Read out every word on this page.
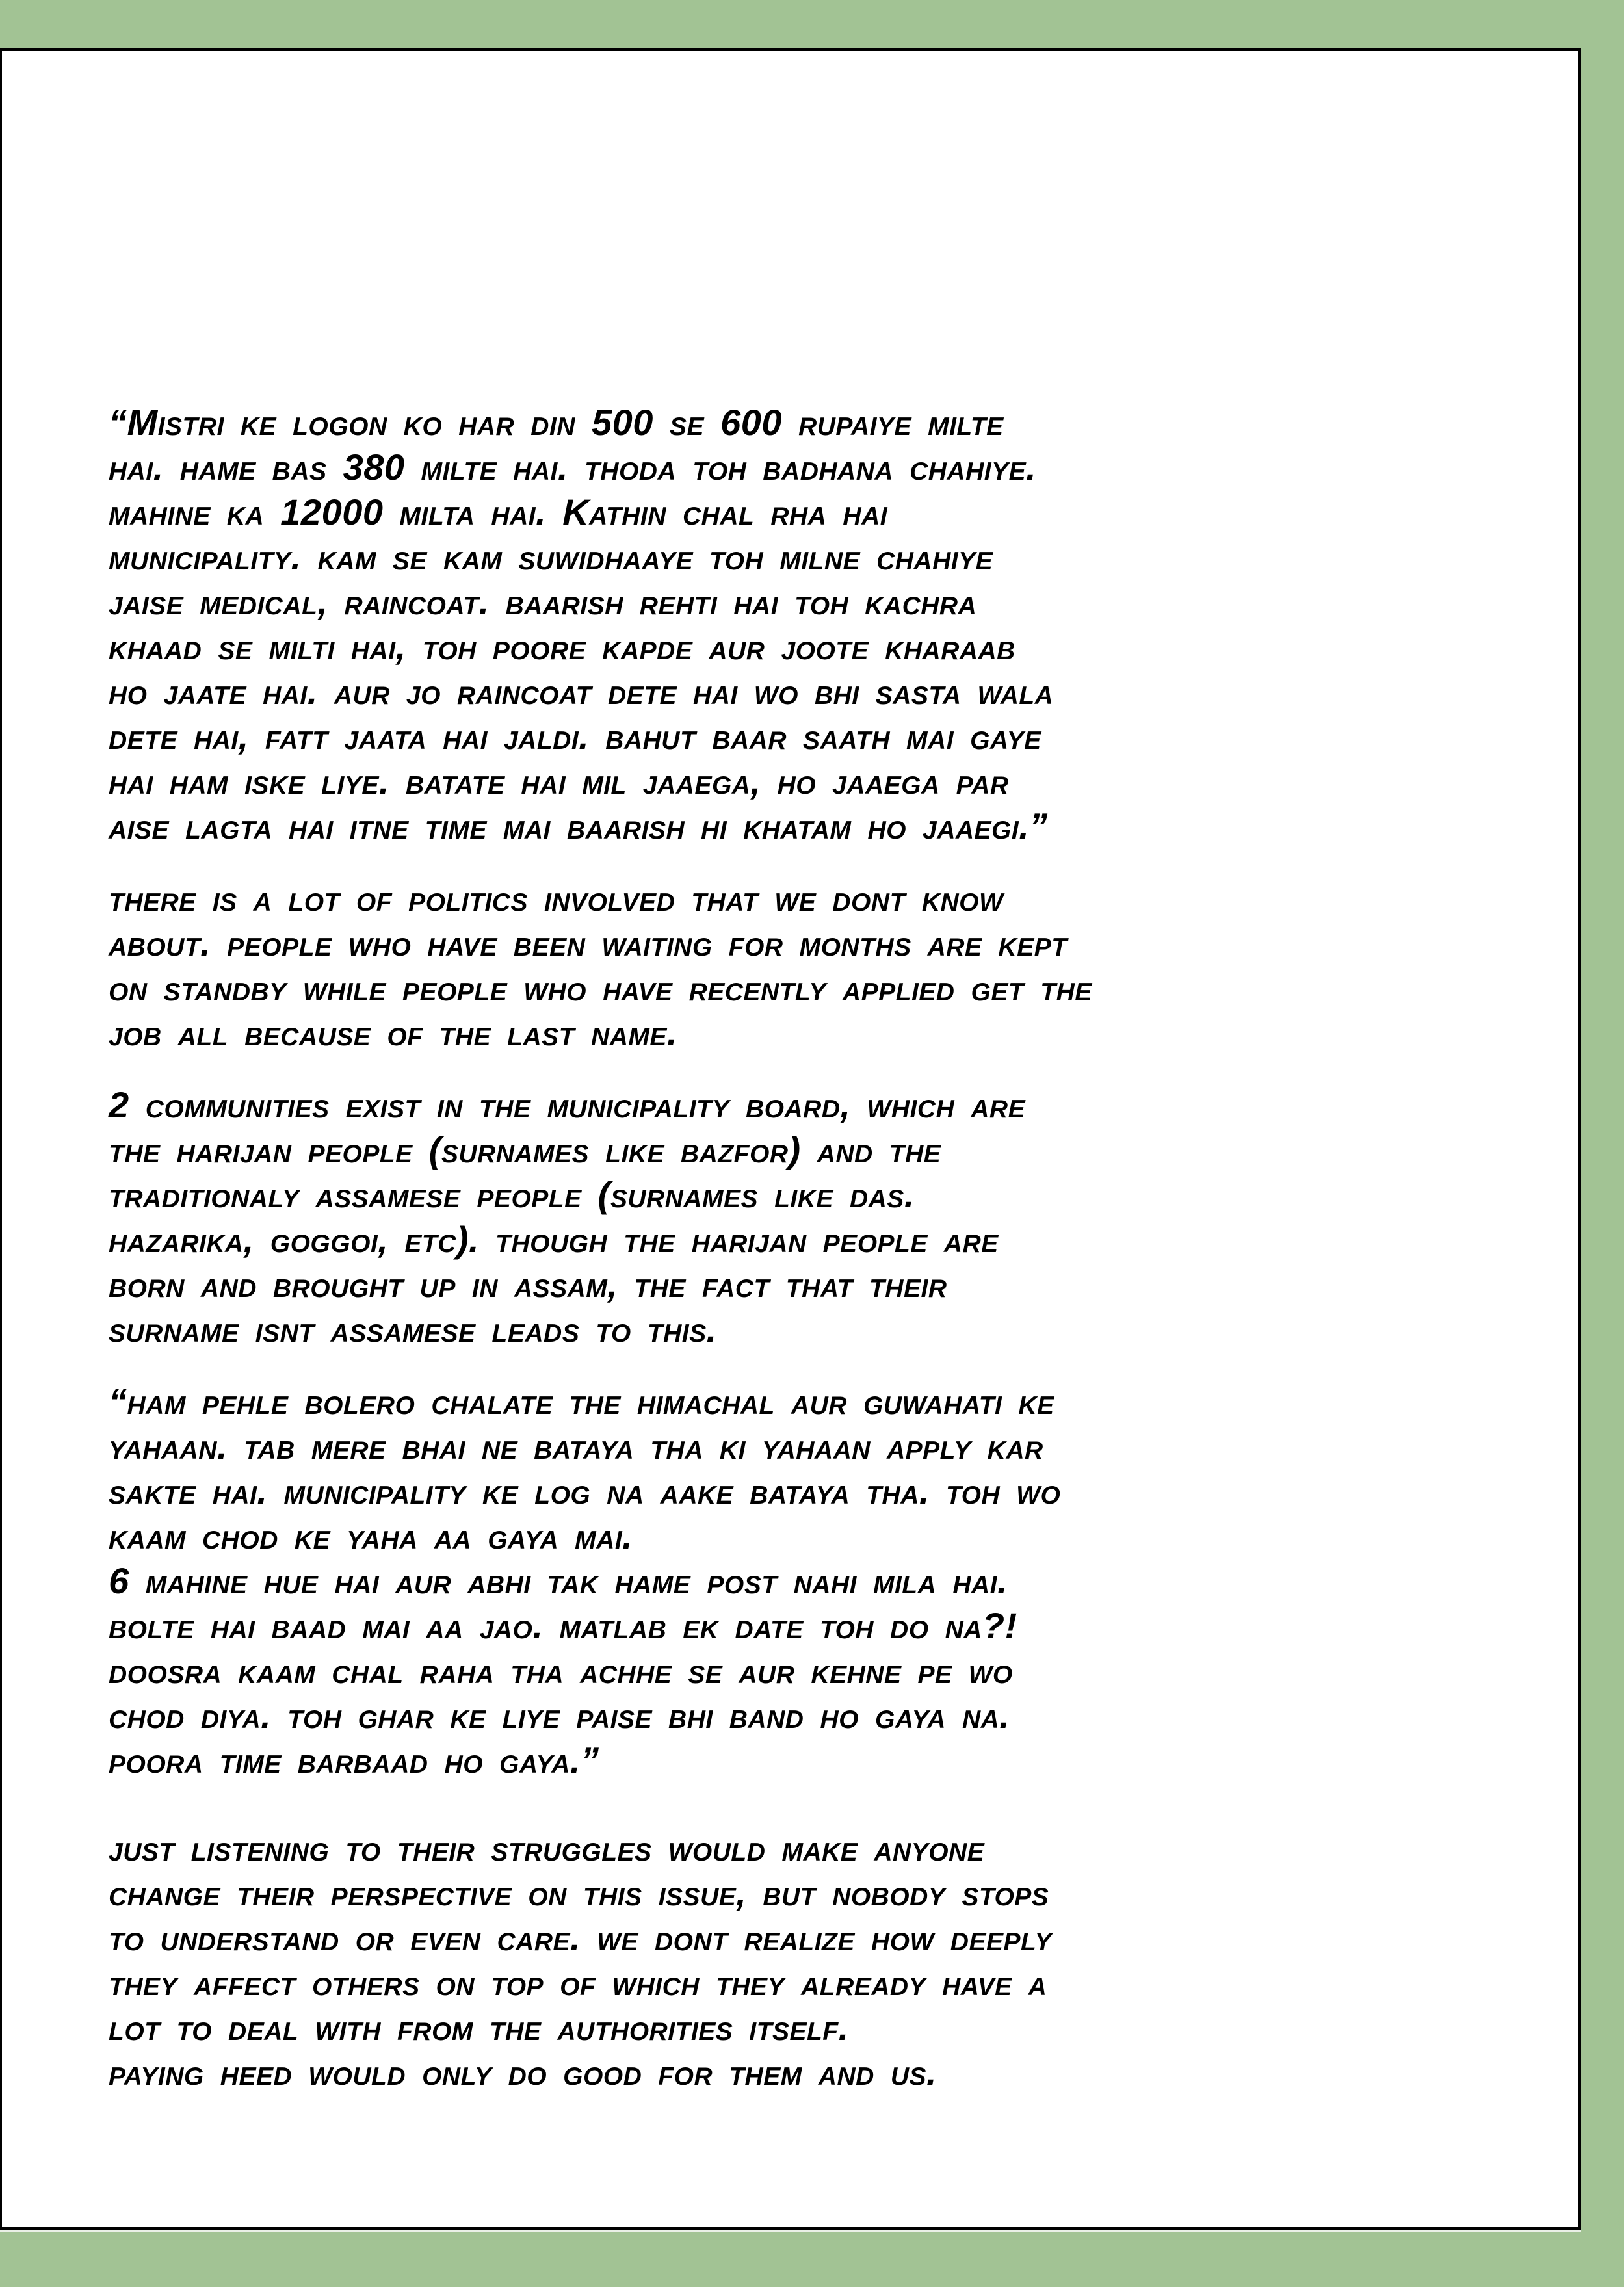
“Mistri ke logon ko har din 500 se 600 rupaiye milte
hai. hame bas 380 milte hai. thoda toh badhana chahiye.
mahine ka 12000 milta hai. Kathin chal rha hai
municipality. kam se kam suwidhaaye toh milne chahiye
jaise medical, raincoat. baarish rehti hai toh kachra
khaad se milti hai, toh poore kapde aur joote kharaab
ho jaate hai. aur jo raincoat dete hai wo bhi sasta wala
dete hai, fatt jaata hai jaldi. bahut baar saath mai gaye
hai ham iske liye. batate hai mil jaaega, ho jaaega par
aise lagta hai itne time mai baarish hi khatam ho jaaegi.”
there is a lot of politics involved that we dont know
about. people who have been waiting for months are kept
on standby while people who have recently applied get the
job all because of the last name.
2 communities exist in the municipality board, which are
the harijan people (surnames like bazfor) and the
traditionaly assamese people (surnames like das.
hazarika, goggoi, etc). though the harijan people are
born and brought up in assam, the fact that their
surname isnt assamese leads to this.
“ham pehle bolero chalate the himachal aur guwahati ke
yahaan. tab mere bhai ne bataya tha ki yahaan apply kar
sakte hai. municipality ke log na aake bataya tha. toh wo
kaam chod ke yaha aa gaya mai.
6 mahine hue hai aur abhi tak hame post nahi mila hai.
bolte hai baad mai aa jao. matlab ek date toh do na?!
doosra kaam chal raha tha achhe se aur kehne pe wo
chod diya. toh ghar ke liye paise bhi band ho gaya na.
poora time barbaad ho gaya.”
just listening to their struggles would make anyone
change their perspective on this issue, but nobody stops
to understand or even care. we dont realize how deeply
they affect others on top of which they already have a
lot to deal with from the authorities itself.
paying heed would only do good for them and us.
